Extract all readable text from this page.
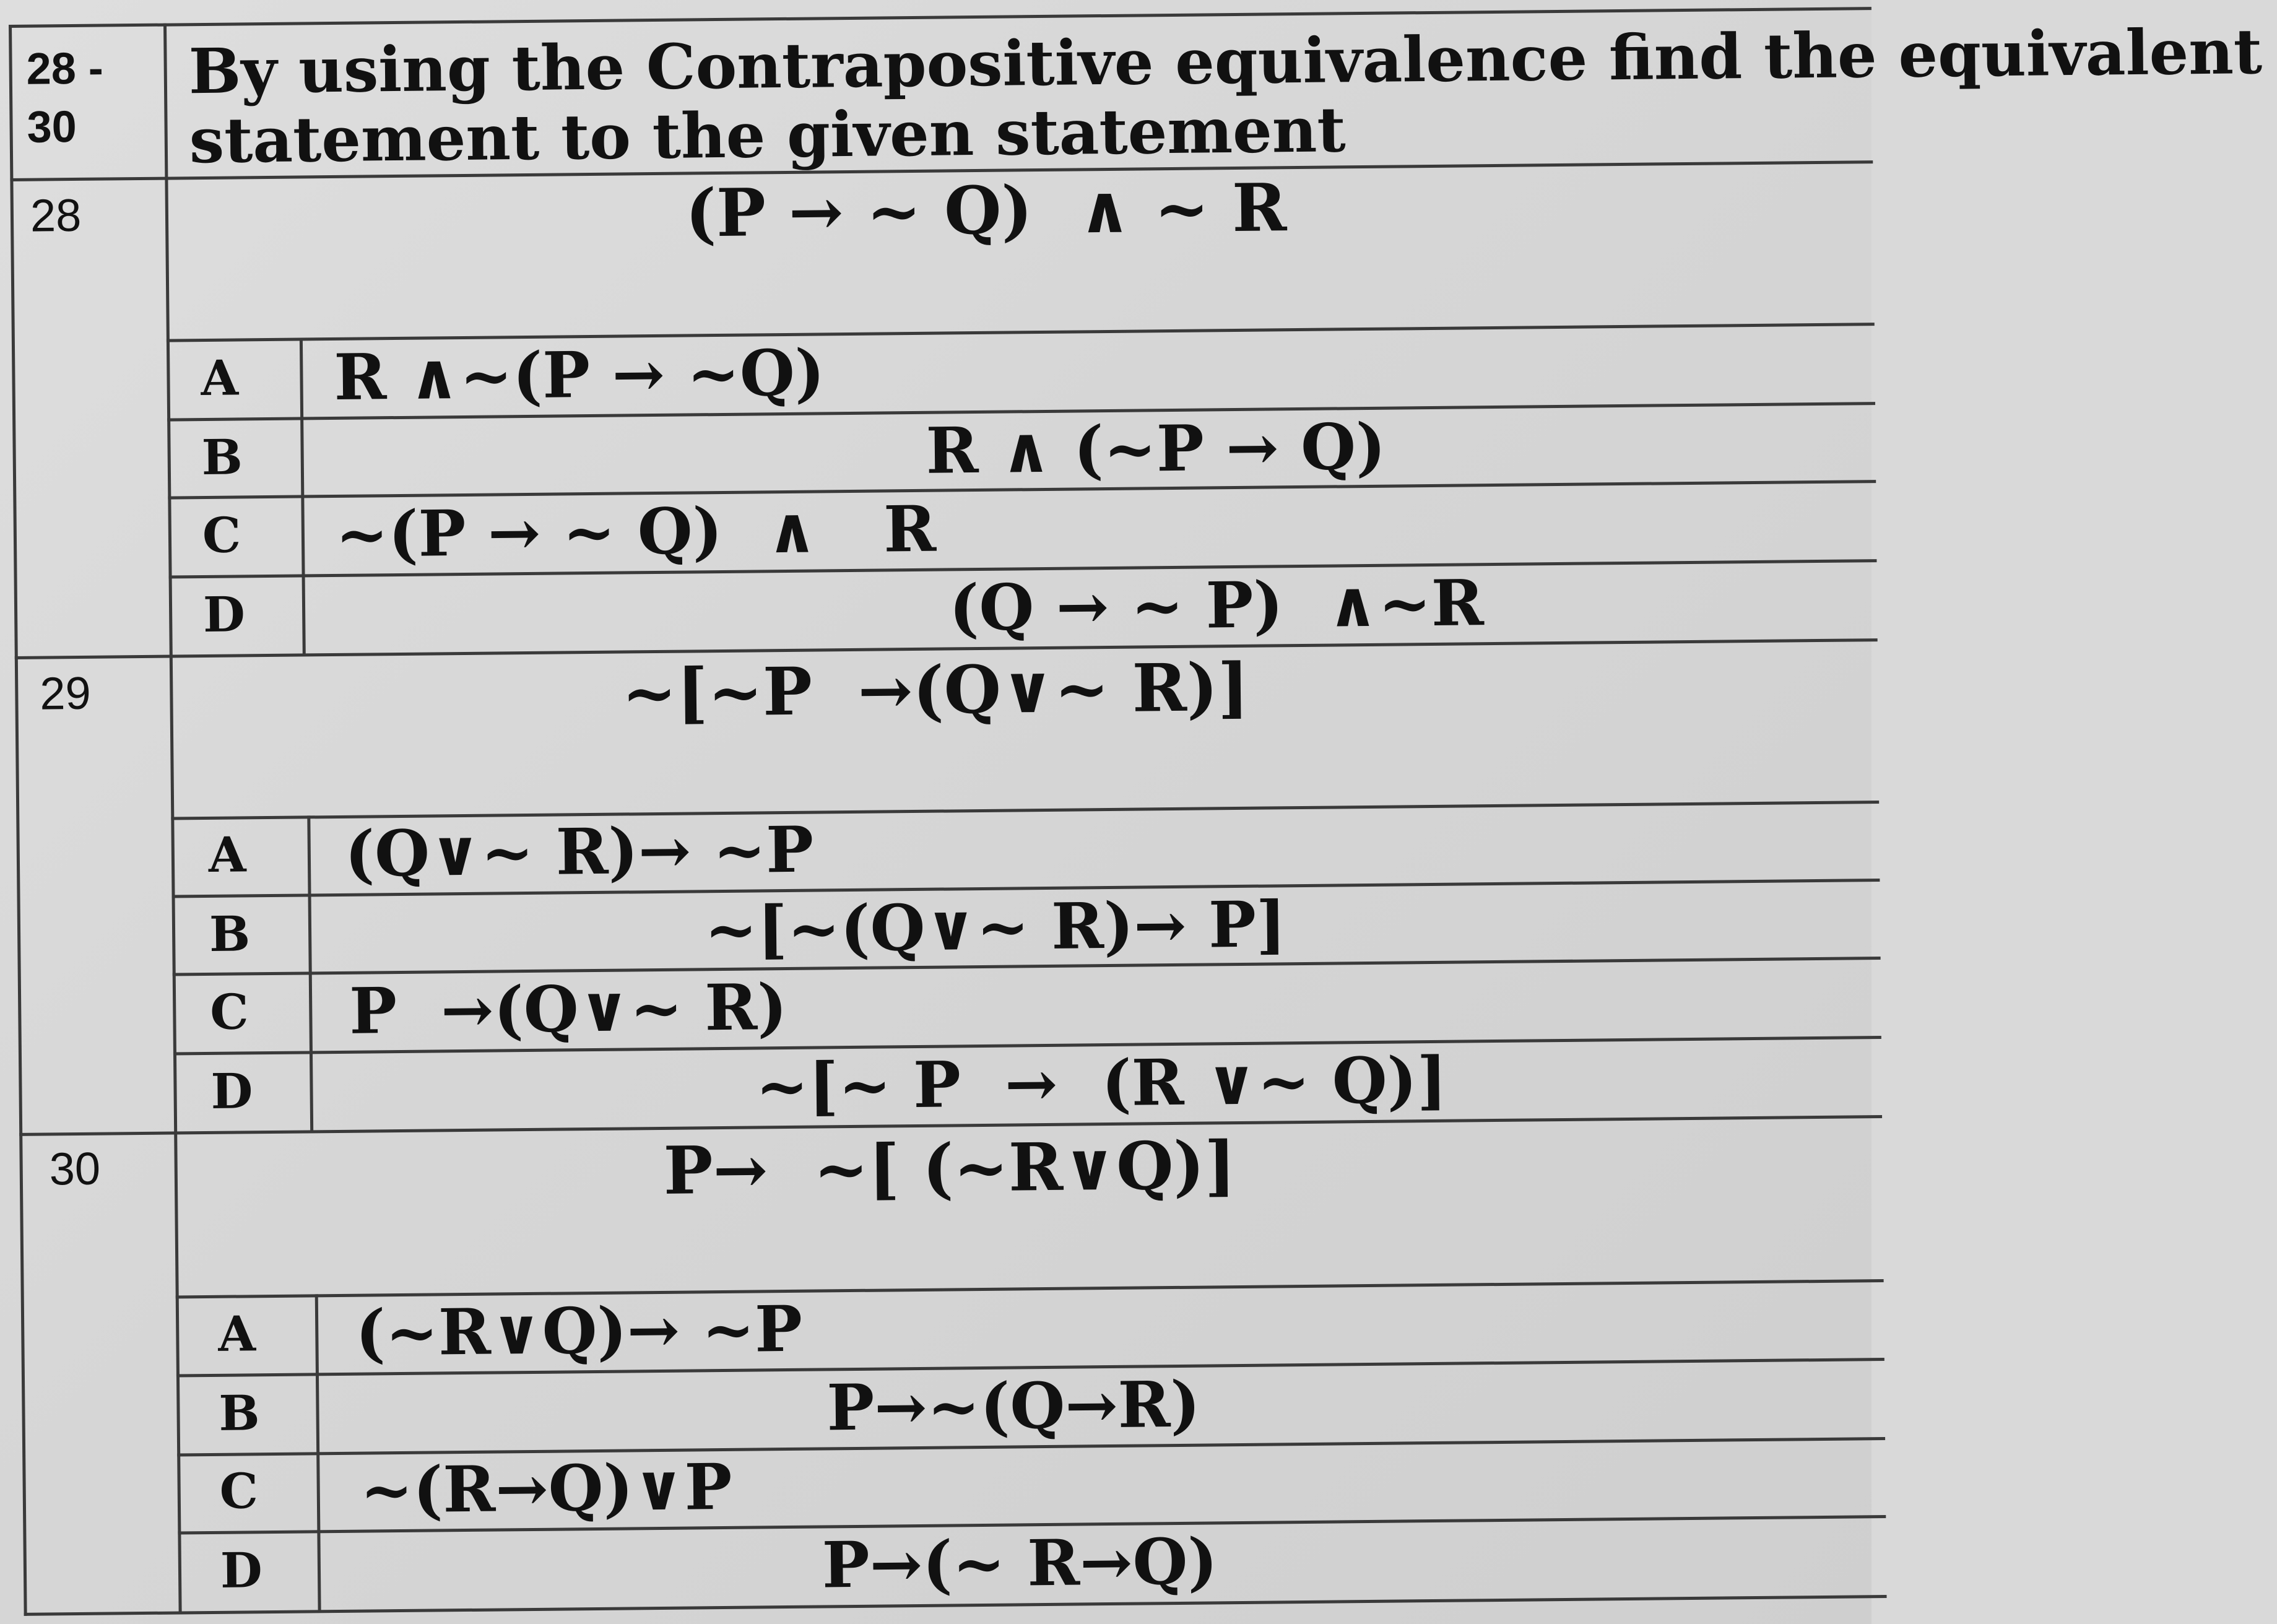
28 -
30
By using the Contrapositive equivalence find the equivalent
statement to the given statement
28	(P → ~ Q)  ∧ ~ R
A R ∧~(P → ~Q)
B	R ∧ (~P → Q)
C ~(P → ~ Q)  ∧   R
D	(Q → ~ P)  ∧~R
29	~[~P  →(Q∨~ R)]
A (Q∨~ R)→ ~P
B	~[~(Q∨~ R)→ P]
C P  →(Q∨~ R)
D	~[~ P  →  (R ∨~ Q)]
30	P→  ~[ (~R∨Q)]
A (~R∨Q)→ ~P
B	P→~(Q→R)
C ~(R→Q)∨P
D	P→(~ R→Q)
